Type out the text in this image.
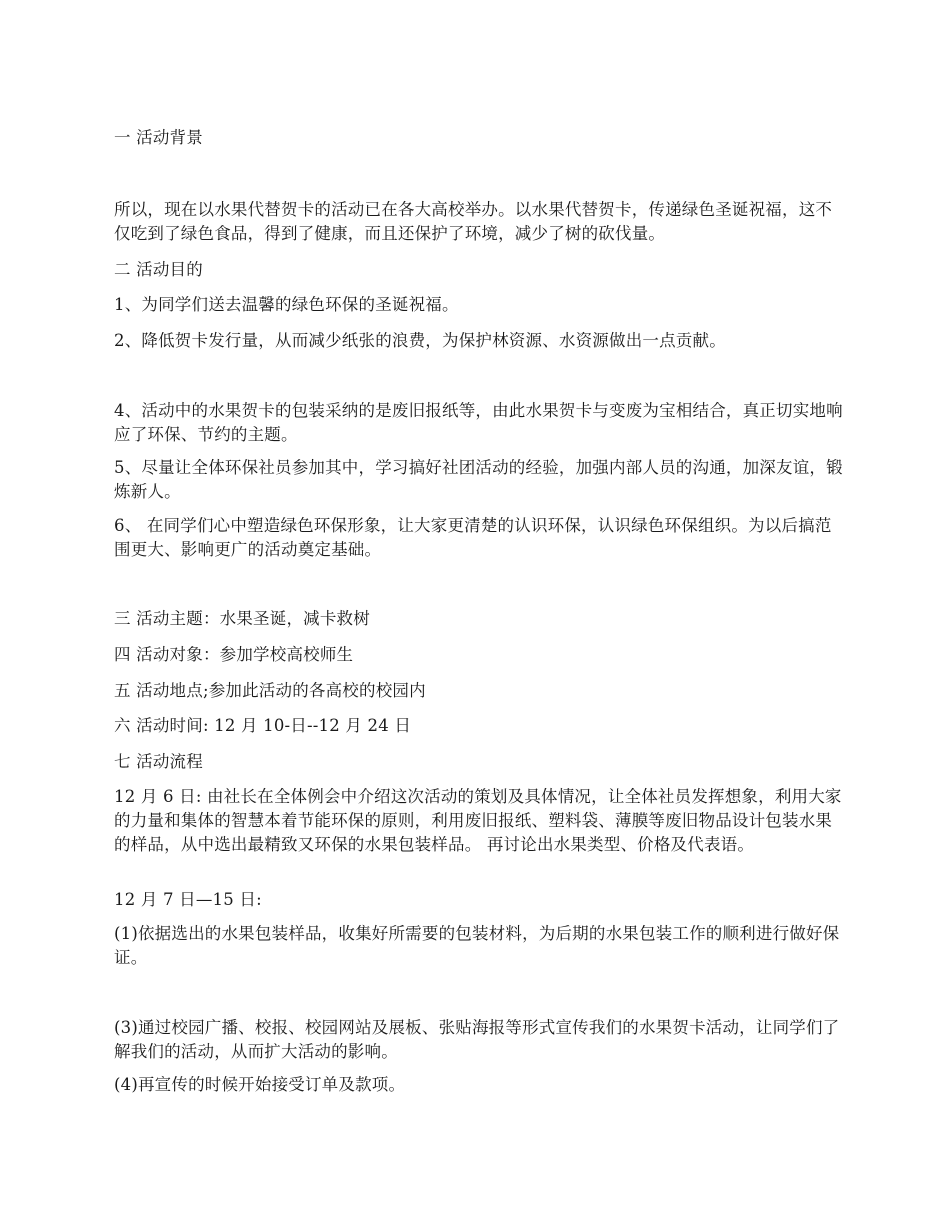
一 活动背景

所以，现在以水果代替贺卡的活动已在各大高校举办。以水果代替贺卡，传递绿色圣诞祝福，这不仅吃到了绿色食品，得到了健康，而且还保护了环境，减少了树的砍伐量。

二 活动目的

1、为同学们送去温馨的绿色环保的圣诞祝福。

2、降低贺卡发行量，从而减少纸张的浪费，为保护林资源、水资源做出一点贡献。

4、活动中的水果贺卡的包装采纳的是废旧报纸等，由此水果贺卡与变废为宝相结合，真正切实地响应了环保、节约的主题。

5、尽量让全体环保社员参加其中，学习搞好社团活动的经验，加强内部人员的沟通，加深友谊，锻炼新人。

6、 在同学们心中塑造绿色环保形象，让大家更清楚的认识环保，认识绿色环保组织。为以后搞范围更大、影响更广的活动奠定基础。

三 活动主题：水果圣诞，减卡救树

四 活动对象：参加学校高校师生

五 活动地点;参加此活动的各高校的校园内

六 活动时间: 12 月 10-日--12 月 24 日

七 活动流程

12 月 6 日: 由社长在全体例会中介绍这次活动的策划及具体情况，让全体社员发挥想象，利用大家的力量和集体的智慧本着节能环保的原则，利用废旧报纸、塑料袋、薄膜等废旧物品设计包装水果的样品，从中选出最精致又环保的水果包装样品。 再讨论出水果类型、价格及代表语。

12 月 7 日—15 日:

(1)依据选出的水果包装样品，收集好所需要的包装材料，为后期的水果包装工作的顺利进行做好保证。

(3)通过校园广播、校报、校园网站及展板、张贴海报等形式宣传我们的水果贺卡活动，让同学们了解我们的活动，从而扩大活动的影响。

(4)再宣传的时候开始接受订单及款项。
